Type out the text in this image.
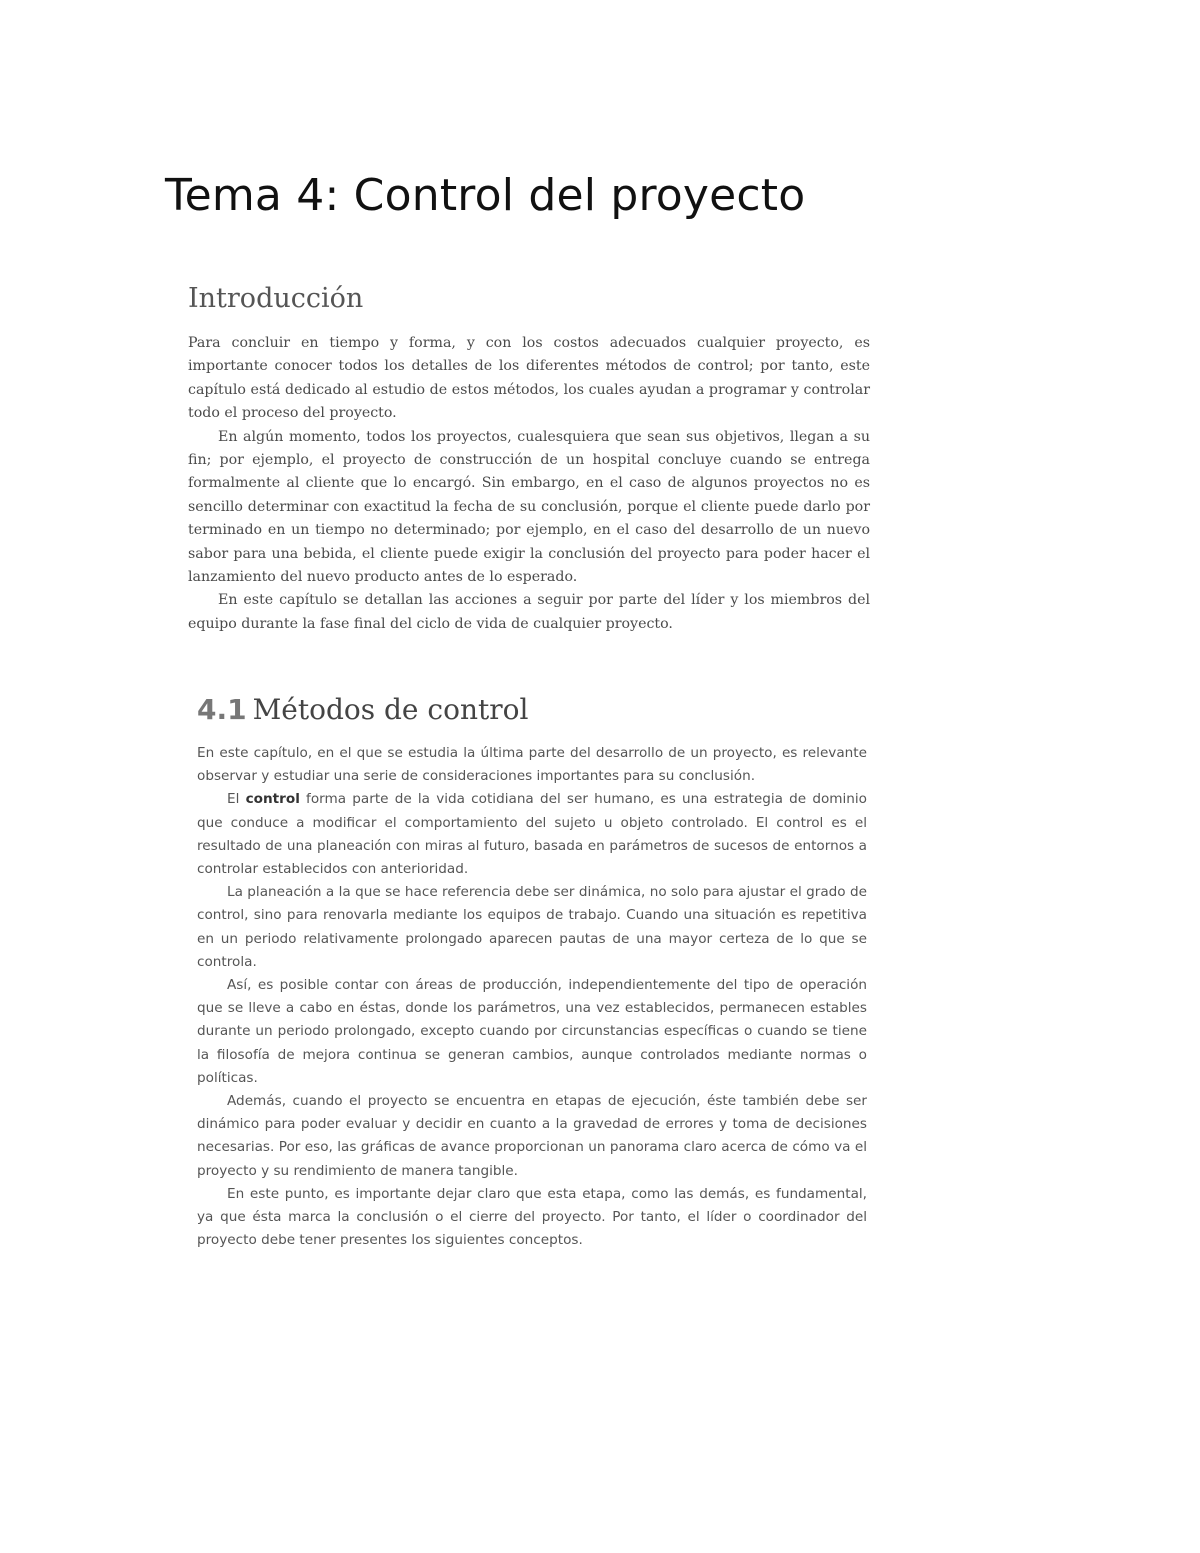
Tema 4: Control del proyecto
Introducción

Para concluir en tiempo y forma, y con los costos adecuados cualquier proyecto, es importante conocer todos los detalles de los diferentes métodos de control; por tanto, este capítulo está dedicado al estudio de estos métodos, los cuales ayudan a programar y controlar todo el proceso del proyecto.

En algún momento, todos los proyectos, cualesquiera que sean sus objetivos, llegan a su fin; por ejemplo, el proyecto de construcción de un hospital concluye cuando se entrega formalmente al cliente que lo encargó. Sin embargo, en el caso de algunos proyectos no es sencillo determinar con exactitud la fecha de su conclusión, porque el cliente puede darlo por terminado en un tiempo no determinado; por ejemplo, en el caso del desarrollo de un nuevo sabor para una bebida, el cliente puede exigir la conclusión del proyecto para poder hacer el lanzamiento del nuevo producto antes de lo esperado.

En este capítulo se detallan las acciones a seguir por parte del líder y los miembros del equipo durante la fase final del ciclo de vida de cualquier proyecto.

4.1 Métodos de control

En este capítulo, en el que se estudia la última parte del desarrollo de un proyecto, es relevante observar y estudiar una serie de consideraciones importantes para su conclusión.

El control forma parte de la vida cotidiana del ser humano, es una estrategia de dominio que conduce a modificar el comportamiento del sujeto u objeto controlado. El control es el resultado de una planeación con miras al futuro, basada en parámetros de sucesos de entornos a controlar establecidos con anterioridad.

La planeación a la que se hace referencia debe ser dinámica, no solo para ajustar el grado de control, sino para renovarla mediante los equipos de trabajo. Cuando una situación es repetitiva en un periodo relativamente prolongado aparecen pautas de una mayor certeza de lo que se controla.

Así, es posible contar con áreas de producción, independientemente del tipo de operación que se lleve a cabo en éstas, donde los parámetros, una vez establecidos, permanecen estables durante un periodo prolongado, excepto cuando por circunstancias específicas o cuando se tiene la filosofía de mejora continua se generan cambios, aunque controlados mediante normas o políticas.

Además, cuando el proyecto se encuentra en etapas de ejecución, éste también debe ser dinámico para poder evaluar y decidir en cuanto a la gravedad de errores y toma de decisiones necesarias. Por eso, las gráficas de avance proporcionan un panorama claro acerca de cómo va el proyecto y su rendimiento de manera tangible.

En este punto, es importante dejar claro que esta etapa, como las demás, es fundamental, ya que ésta marca la conclusión o el cierre del proyecto. Por tanto, el líder o coordinador del proyecto debe tener presentes los siguientes conceptos.
